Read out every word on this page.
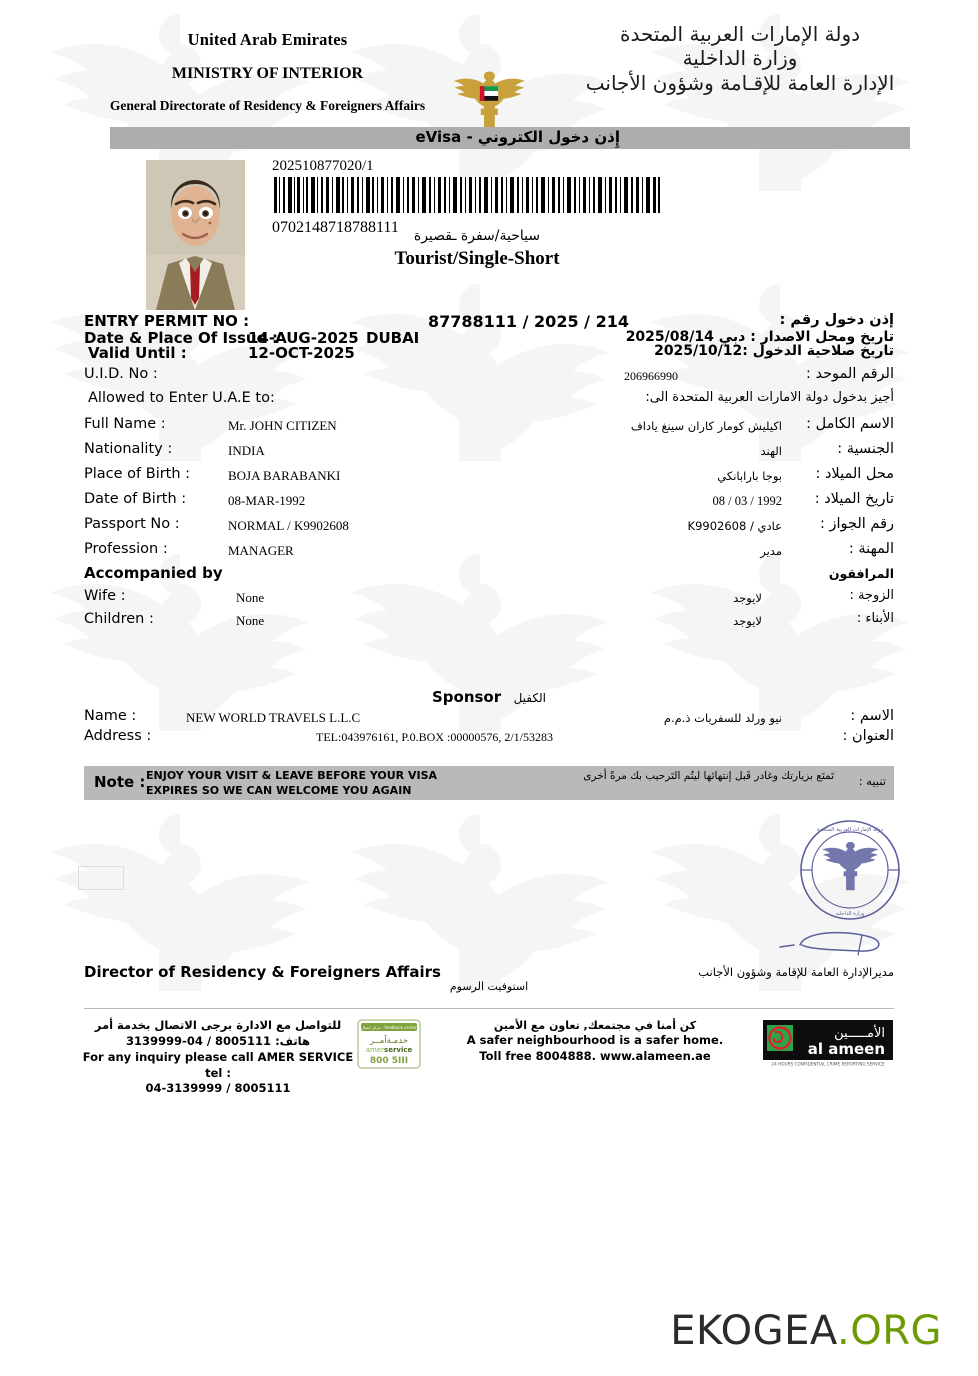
United Arab Emirates
MINISTRY OF INTERIOR
General Directorate of Residency & Foreigners Affairs
دولة الإمارات العربية المتحدة
وزارة الداخلية
الإدارة العامة للإقـامة وشؤون الأجانب
إِذن دخول الكتروني - eVisa
202510877020/1
0702148718788111	سياحية/سفرة ـقصيرة
Tourist/Single-Short
ENTRY PERMIT NO :	87788111 / 2025 / 214	إذن دخول رقم :
Date & Place Of Issue :
14-AUG-2025 DUBAI	تاريخ ومحل الاصدار : دبي 2025/08/14
Valid Until :	12-OCT-2025	تاريخ صلاحية الدخول :2025/10/12
U.I.D. No :	206966990	الرقم الموحد :
Allowed to Enter U.A.E to:	أجيز بدخول دولة الامارات العربية المتحدة الى:
Full Name :	Mr. JOHN CITIZEN	اكيليش كومار كاران سينغ ياداف الاسم الكامل :
Nationality :	INDIA	الهند	الجنسية :
Place of Birth :	BOJA BARABANKI	بوجا بارابانكي محل الميلاد :
Date of Birth :	08-MAR-1992	1992 / 03 / 08 تاريخ الميلاد :
Passport No :	NORMAL / K9902608	عادي / K9902608	رقم الجواز :
Profession :	MANAGER	مدير	المهنة :
Accompanied by	المرافقون
Wife :	None	لايوجد	الزوجة :
Children :	None	لايوجد	الأبناء :
Sponsor الكفيل
Name :	NEW WORLD TRAVELS L.L.C	نيو ورلد للسفريات ذ.م.م	الاسم :
Address :	TEL:043976161, P.0.BOX :00000576, 2/1/53283	العنوان :
Note : ENJOY YOUR VISIT & LEAVE BEFORE YOUR VISA
EXPIRES SO WE CAN WELCOME YOU AGAIN
تَمتَع بزيارتك وغادر قَبل إنتهائها ليتُم التَرحيب بك مرةً أخرى تنبيه :
دولة الإمارات العربية المتحدة
وزارة الداخلية
Director of Residency & Foreigners Affairs	مديرالإدارة العامة للإقامة وشؤون الأجانب
استوفيت الرسوم
للتواصل مع الادارة برجى الاتصال بخدمة أمر
هاتف: 8005111 / 04-3139999
For any inquiry please call AMER SERVICE tel :
04-3139999 / 8005111
مركز اتصال · feedback center
خدمـةآمــر
amerservice
800 5III
كن أمنا في مجتمعك, تعاون مع الأمين
A safer neighbourhood is a safer home.
Toll free 8004888. www.alameen.ae
الأمـــــين
al ameen
24 HOURS CONFIDENTIAL CRIME REPORTING SERVICE
EKOGEA.ORG
